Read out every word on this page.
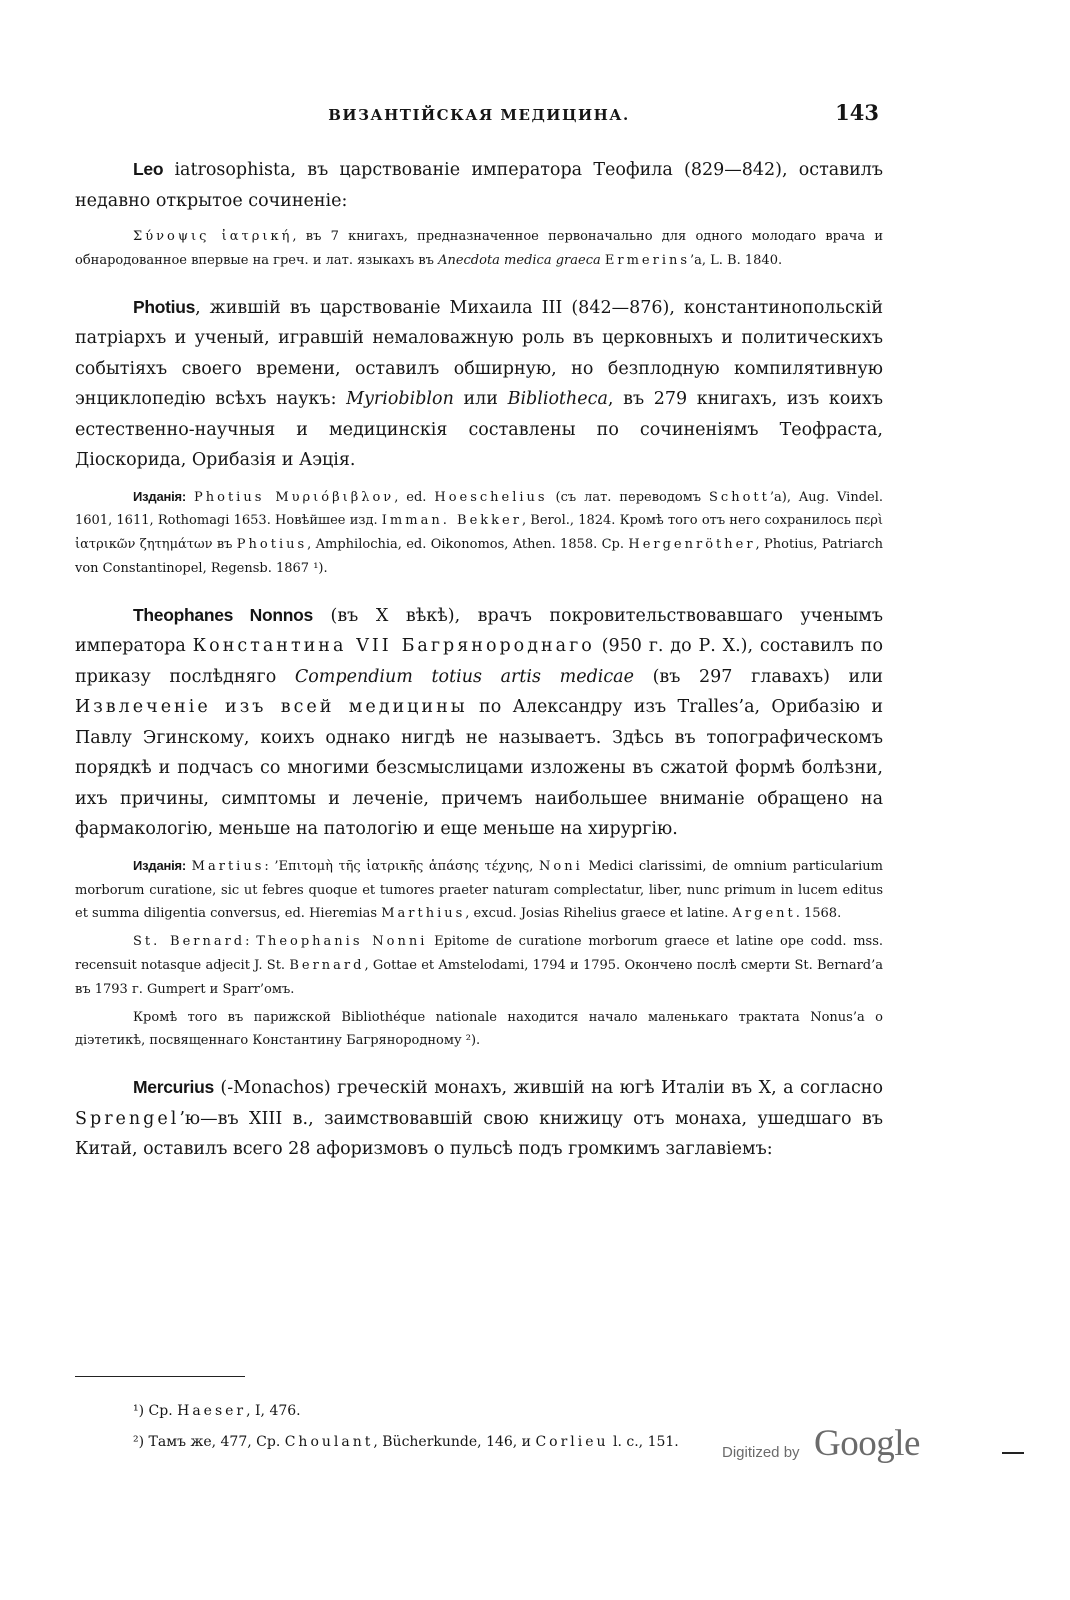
ВИЗАНТІЙСКАЯ МЕДИЦИНА.	143

Leo iatrosophista, въ царствованіе императора Теофила (829—842), оставилъ недавно открытое сочиненіе:

Σύνοψις ἰατρική, въ 7 книгахъ, предназначенное первоначально для одного молодаго врача и обнародованное впервые на греч. и лат. языкахъ въ Anecdota medica graeca Ermerins’а, L. B. 1840.

Photius, жившій въ царствованіе Михаила III (842—876), константинопольскій патріархъ и ученый, игравшій немаловажную роль въ церковныхъ и политическихъ событіяхъ своего времени, оставилъ обширную, но безплодную компилятивную энциклопедію всѣхъ наукъ: Myriobiblon или Bibliotheca, въ 279 книгахъ, изъ коихъ естественно-научныя и медицинскія составлены по сочиненіямъ Теофраста, Діоскорида, Орибазія и Аэція.

Изданія: Photius Μυριόβιβλον, ed. Hoeschelius (съ лат. переводомъ Schott’а), Aug. Vindel. 1601, 1611, Rothomagi 1653. Новѣйшее изд. Imman. Bekker, Berol., 1824. Кромѣ того отъ него сохранилось περὶ ἰατρικῶν ζητημάτων въ Photius, Amphilochia, ed. Oikonomos, Athen. 1858. Ср. Hergenröther, Photius, Patriarch von Constantinopel, Regensb. 1867 ¹).

Theophanes Nonnos (въ X вѣкѣ), врачъ покровительствовавшаго ученымъ императора Константина VII Багрянороднаго (950 г. до Р. X.), составилъ по приказу послѣдняго Compendium totius artis medicae (въ 297 главахъ) или Извлеченіе изъ всей медицины по Александру изъ Tralles’а, Орибазію и Павлу Эгинскому, коихъ однако нигдѣ не называетъ. Здѣсь въ топографическомъ порядкѣ и подчасъ со многими безсмыслицами изложены въ сжатой формѣ болѣзни, ихъ причины, симптомы и леченіе, причемъ наибольшее вниманіе обращено на фармакологію, меньше на патологію и еще меньше на хирургію.

Изданія: Martius: ’Επιτομὴ τῆς ἰατρικῆς ἁπάσης τέχνης, Noni Medici clarissimi, de omnium particularium morborum curatione, sic ut febres quoque et tumores praeter naturam complectatur, liber, nunc primum in lucem editus et summa diligentia conversus, ed. Hieremias Marthius, excud. Josias Rihelius graece et latine. Argent. 1568.

St. Bernard: Theophanis Nonni Epitome de curatione morborum graece et latine ope codd. mss. recensuit notasque adjecit J. St. Bernard, Gottae et Amstelodami, 1794 и 1795. Окончено послѣ смерти St. Bernard’а въ 1793 г. Gumpert и Sparr’омъ.

Кромѣ того въ парижской Bibliothéque nationale находится начало маленькаго трактата Nonus’а о діэтетикѣ, посвященнаго Константину Багрянородному ²).

Mercurius (‑Monachos) греческій монахъ, жившій на югѣ Италіи въ X, а согласно Sprengel’ю—въ XIII в., заимствовавшій свою книжицу отъ монаха, ушедшаго въ Китай, оставилъ всего 28 афоризмовъ о пульсѣ подъ громкимъ заглавіемъ:

¹) Ср. Haeser, I, 476.

²) Тамъ же, 477, Ср. Choulant, Bücherkunde, 146, и Corlieu l. c., 151.

Digitized by Google
